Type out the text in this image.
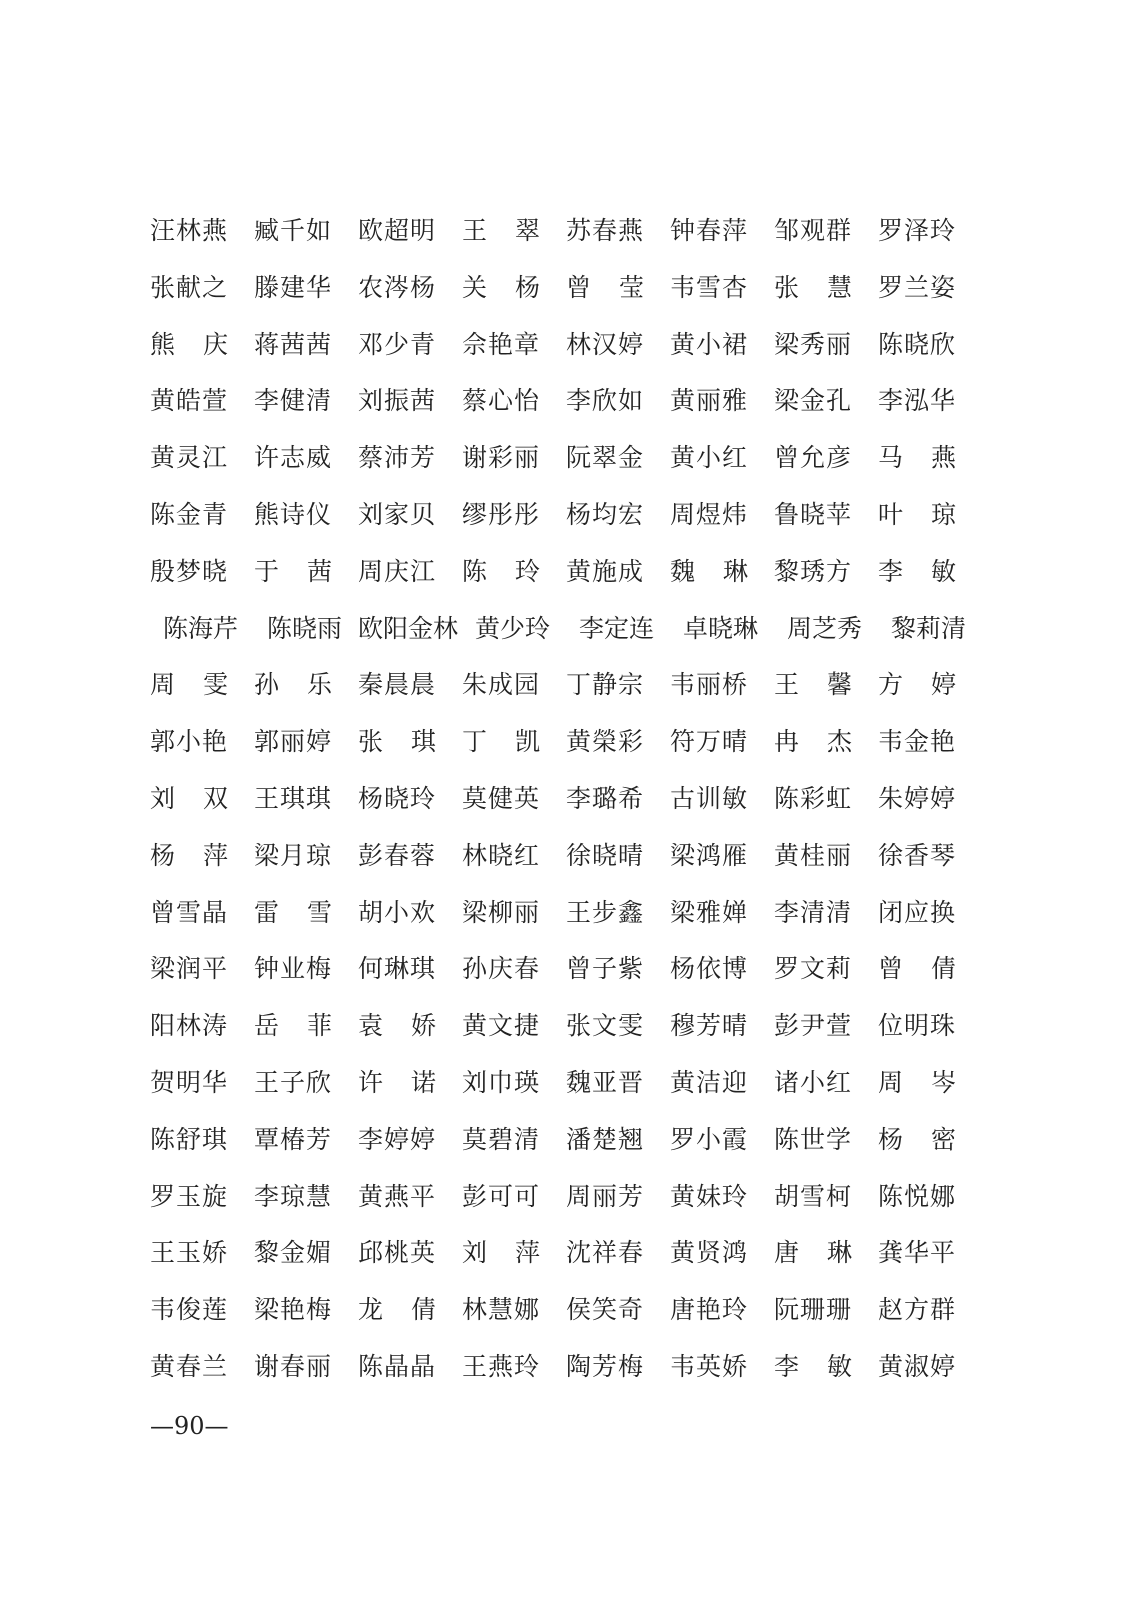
汪林燕 臧千如 欧超明 王 翠 苏春燕 钟春萍 邹观群 罗泽玲
张献之 滕建华 农涔杨 关 杨 曾 莹 韦雪杏 张 慧 罗兰姿
熊 庆 蒋茜茜 邓少青 佘艳章 林汉婷 黄小裙 梁秀丽 陈晓欣
黄皓萱 李健清 刘振茜 蔡心怡 李欣如 黄丽雅 梁金孔 李泓华
黄灵江 许志威 蔡沛芳 谢彩丽 阮翠金 黄小红 曾允彦 马 燕
陈金青 熊诗仪 刘家贝 缪彤彤 杨均宏 周煜炜 鲁晓苹 叶 琼
殷梦晓 于 茜 周庆江 陈 玲 黄施成 魏 琳 黎琇方 李 敏
陈海芹 陈晓雨 欧阳金林 黄少玲 李定连 卓晓琳 周芝秀 黎莉清
周 雯 孙 乐 秦晨晨 朱成园 丁静宗 韦丽桥 王 馨 方 婷
郭小艳 郭丽婷 张 琪 丁 凯 黄榮彩 符万晴 冉 杰 韦金艳
刘 双 王琪琪 杨晓玲 莫健英 李璐希 古训敏 陈彩虹 朱婷婷
杨 萍 梁月琼 彭春蓉 林晓红 徐晓晴 梁鸿雁 黄桂丽 徐香琴
曾雪晶 雷 雪 胡小欢 梁柳丽 王步鑫 梁雅婵 李清清 闭应换
梁润平 钟业梅 何琳琪 孙庆春 曾子紫 杨依博 罗文莉 曾 倩
阳林涛 岳 菲 袁 娇 黄文捷 张文雯 穆芳晴 彭尹萱 位明珠
贺明华 王子欣 许 诺 刘巾瑛 魏亚晋 黄洁迎 诸小红 周 岑
陈舒琪 覃椿芳 李婷婷 莫碧清 潘楚翘 罗小霞 陈世学 杨 密
罗玉旋 李琼慧 黄燕平 彭可可 周丽芳 黄妹玲 胡雪柯 陈悦娜
王玉娇 黎金媚 邱桃英 刘 萍 沈祥春 黄贤鸿 唐 琳 龚华平
韦俊莲 梁艳梅 龙 倩 林慧娜 侯笑奇 唐艳玲 阮珊珊 赵方群
黄春兰 谢春丽 陈晶晶 王燕玲 陶芳梅 韦英娇 李 敏 黄淑婷
—90—
